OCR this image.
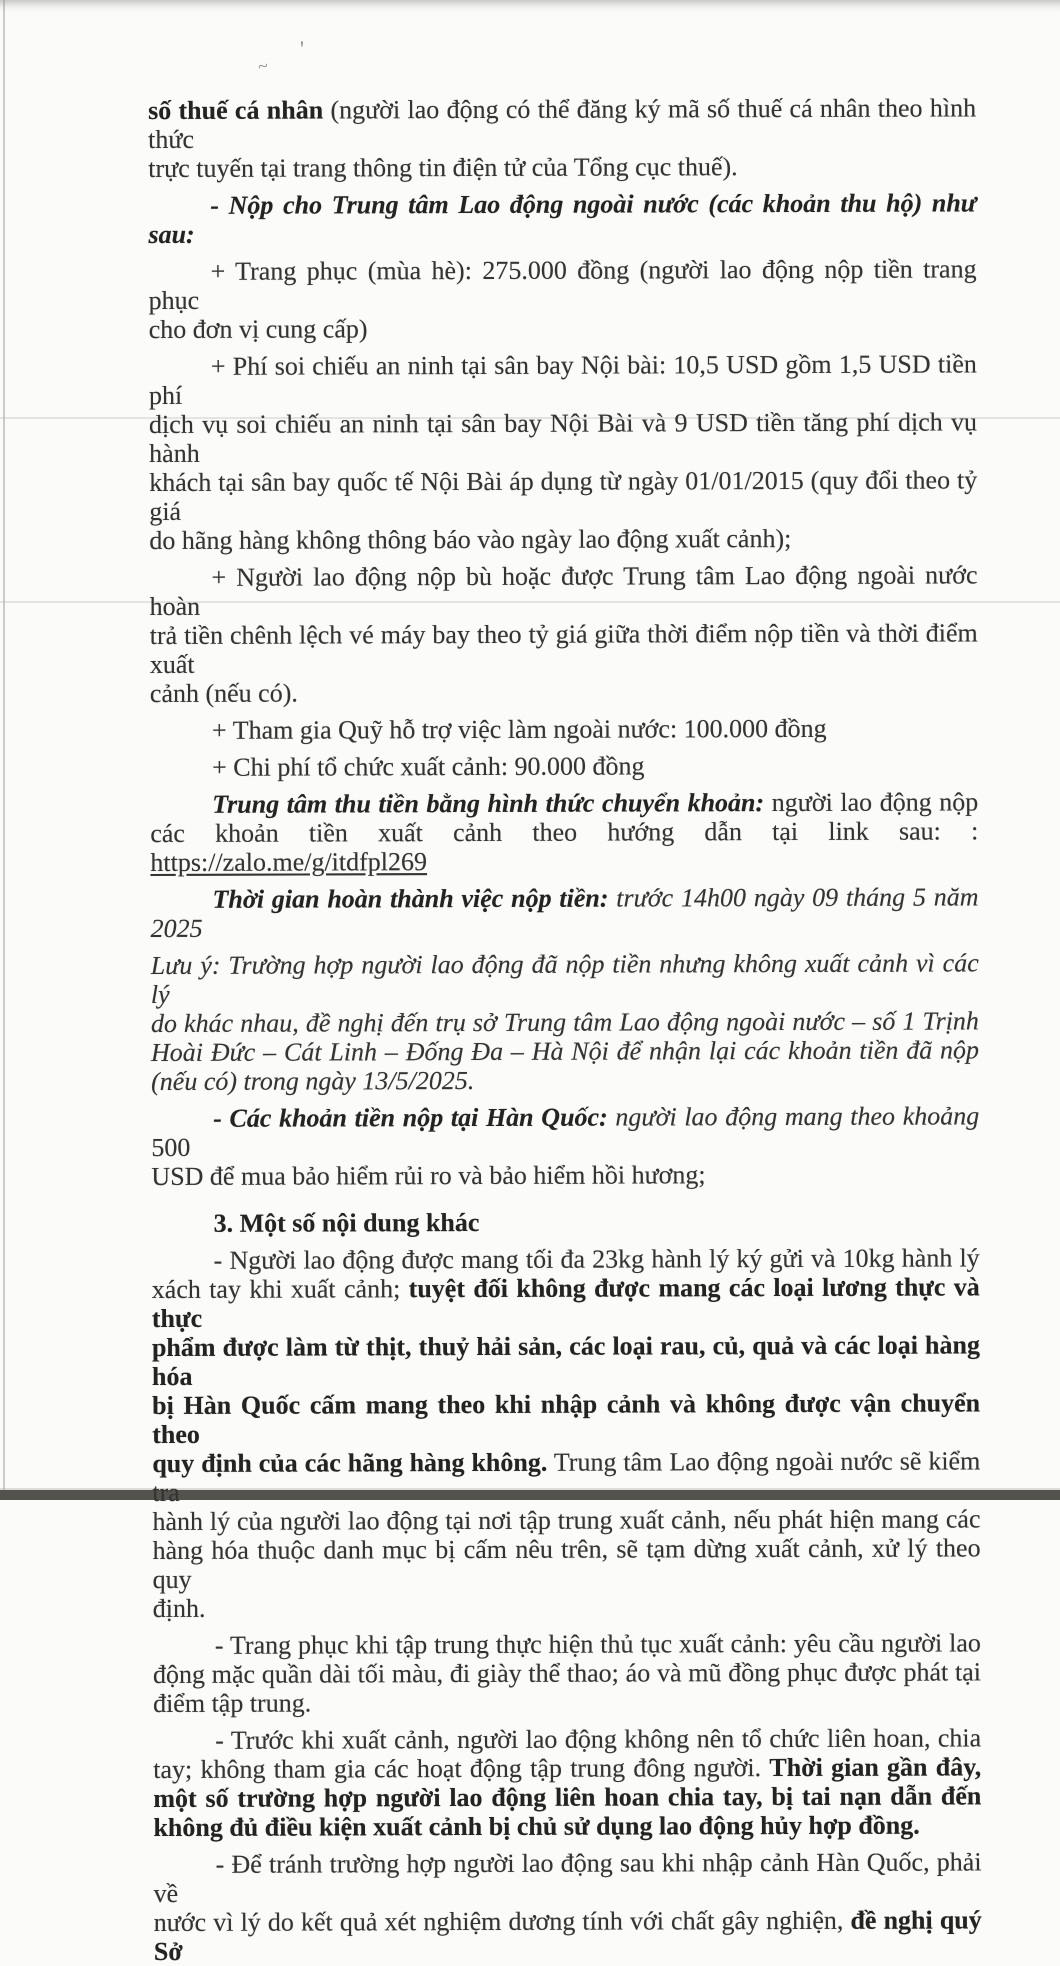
'
~
số thuế cá nhân (người lao động có thể đăng ký mã số thuế cá nhân theo hình thức
trực tuyến tại trang thông tin điện tử của Tổng cục thuế).
- Nộp cho Trung tâm Lao động ngoài nước (các khoản thu hộ) như sau:
+ Trang phục (mùa hè): 275.000 đồng (người lao động nộp tiền trang phục
cho đơn vị cung cấp)
+ Phí soi chiếu an ninh tại sân bay Nội bài: 10,5 USD gồm 1,5 USD tiền phí
dịch vụ soi chiếu an ninh tại sân bay Nội Bài và 9 USD tiền tăng phí dịch vụ hành
khách tại sân bay quốc tế Nội Bài áp dụng từ ngày 01/01/2015 (quy đổi theo tỷ giá
do hãng hàng không thông báo vào ngày lao động xuất cảnh);
+ Người lao động nộp bù hoặc được Trung tâm Lao động ngoài nước hoàn
trả tiền chênh lệch vé máy bay theo tỷ giá giữa thời điểm nộp tiền và thời điểm xuất
cảnh (nếu có).
+ Tham gia Quỹ hỗ trợ việc làm ngoài nước: 100.000 đồng
+ Chi phí tổ chức xuất cảnh: 90.000 đồng
Trung tâm thu tiền bằng hình thức chuyển khoản: người lao động nộp
các khoản tiền xuất cảnh theo hướng dẫn tại link sau: :
https://zalo.me/g/itdfpl269
Thời gian hoàn thành việc nộp tiền: trước 14h00 ngày 09 tháng 5 năm
2025
Lưu ý: Trường hợp người lao động đã nộp tiền nhưng không xuất cảnh vì các lý
do khác nhau, đề nghị đến trụ sở Trung tâm Lao động ngoài nước – số 1 Trịnh
Hoài Đức – Cát Linh – Đống Đa – Hà Nội để nhận lại các khoản tiền đã nộp
(nếu có) trong ngày 13/5/2025.
- Các khoản tiền nộp tại Hàn Quốc: người lao động mang theo khoảng 500
USD để mua bảo hiểm rủi ro và bảo hiểm hồi hương;
3. Một số nội dung khác
- Người lao động được mang tối đa 23kg hành lý ký gửi và 10kg hành lý
xách tay khi xuất cảnh; tuyệt đối không được mang các loại lương thực và thực
phẩm được làm từ thịt, thuỷ hải sản, các loại rau, củ, quả và các loại hàng hóa
bị Hàn Quốc cấm mang theo khi nhập cảnh và không được vận chuyển theo
quy định của các hãng hàng không. Trung tâm Lao động ngoài nước sẽ kiểm tra
hành lý của người lao động tại nơi tập trung xuất cảnh, nếu phát hiện mang các
hàng hóa thuộc danh mục bị cấm nêu trên, sẽ tạm dừng xuất cảnh, xử lý theo quy
định.
- Trang phục khi tập trung thực hiện thủ tục xuất cảnh: yêu cầu người lao
động mặc quần dài tối màu, đi giày thể thao; áo và mũ đồng phục được phát tại
điểm tập trung.
- Trước khi xuất cảnh, người lao động không nên tổ chức liên hoan, chia
tay; không tham gia các hoạt động tập trung đông người. Thời gian gần đây,
một số trường hợp người lao động liên hoan chia tay, bị tai nạn dẫn đến
không đủ điều kiện xuất cảnh bị chủ sử dụng lao động hủy hợp đồng.
- Để tránh trường hợp người lao động sau khi nhập cảnh Hàn Quốc, phải về
nước vì lý do kết quả xét nghiệm dương tính với chất gây nghiện, đề nghị quý Sở
